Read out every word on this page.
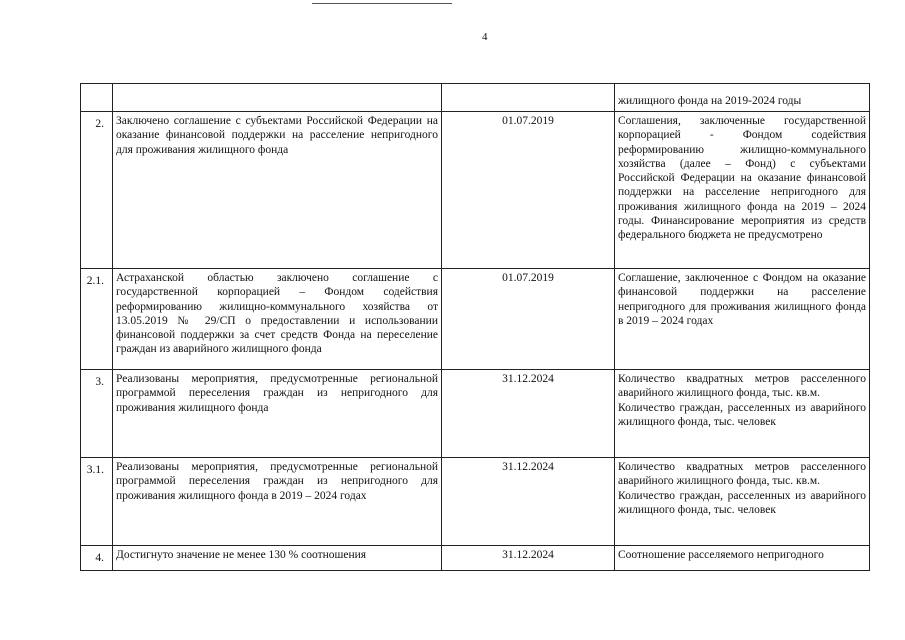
4

			жилищного фонда на 2019-2024 годы

2.	Заключено соглашение с субъектами Российской Федерации на оказание финансовой поддержки на расселение непригодного для проживания жилищного фонда	01.07.2019	Соглашения, заключенные государственной корпорацией - Фондом содействия реформированию жилищно-коммунального хозяйства (далее – Фонд) с субъектами Российской Федерации на оказание финансовой поддержки на расселение непригодного для проживания жилищного фонда на 2019 – 2024 годы. Финансирование мероприятия из средств федерального бюджета не предусмотрено

2.1.	Астраханской областью заключено соглашение с государственной корпорацией – Фондом содействия реформированию жилищно-коммунального хозяйства от 13.05.2019 № 29/СП о предоставлении и использовании финансовой поддержки за счет средств Фонда на переселение граждан из аварийного жилищного фонда	01.07.2019	Соглашение, заключенное с Фондом на оказание финансовой поддержки на расселение непригодного для проживания жилищного фонда в 2019 – 2024 годах

3.	Реализованы мероприятия, предусмотренные региональной программой переселения граждан из непригодного для проживания жилищного фонда	31.12.2024	Количество квадратных метров расселенного аварийного жилищного фонда, тыс. кв.м.
Количество граждан, расселенных из аварийного жилищного фонда, тыс. человек

3.1.	Реализованы мероприятия, предусмотренные региональной программой переселения граждан из непригодного для проживания жилищного фонда в 2019 – 2024 годах	31.12.2024	Количество квадратных метров расселенного аварийного жилищного фонда, тыс. кв.м.
Количество граждан, расселенных из аварийного жилищного фонда, тыс. человек

4.	Достигнуто значение не менее 130 % соотношения	31.12.2024	Соотношение расселяемого непригодного
